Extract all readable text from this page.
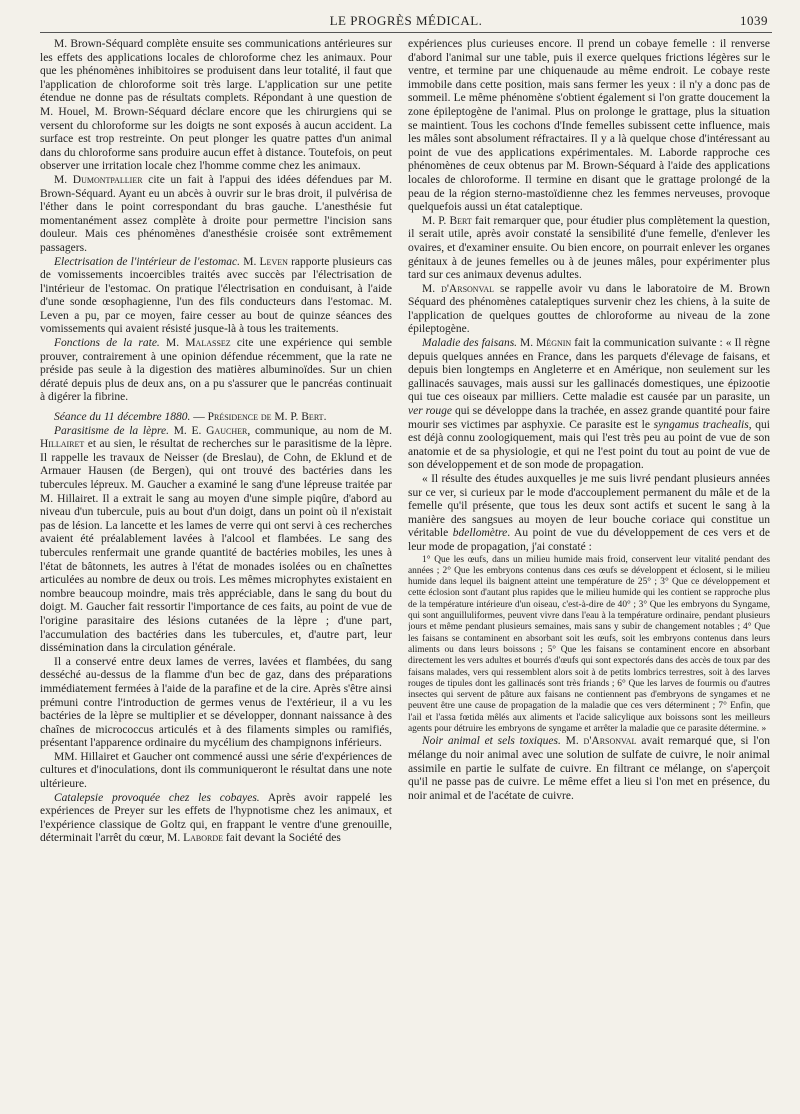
LE PROGRÈS MÉDICAL.	1039

M. Brown-Séquard complète ensuite ses communications antérieures sur les effets des applications locales de chloroforme chez les animaux. Pour que les phénomènes inhibitoires se produisent dans leur totalité, il faut que l'application de chloroforme soit très large. L'application sur une petite étendue ne donne pas de résultats complets. Répondant à une question de M. Houel, M. Brown-Séquard déclare encore que les chirurgiens qui se versent du chloroforme sur les doigts ne sont exposés à aucun accident. La surface est trop restreinte. On peut plonger les quatre pattes d'un animal dans du chloroforme sans produire aucun effet à distance. Toutefois, on peut observer une irritation locale chez l'homme comme chez les animaux.

M. Dumontpallier cite un fait à l'appui des idées défendues par M. Brown-Séquard. Ayant eu un abcès à ouvrir sur le bras droit, il pulvérisa de l'éther dans le point correspondant du bras gauche. L'anesthésie fut momentanément assez complète à droite pour permettre l'incision sans douleur. Mais ces phénomènes d'anesthésie croisée sont extrêmement passagers.

Electrisation de l'intérieur de l'estomac. M. Leven rapporte plusieurs cas de vomissements incoercibles traités avec succès par l'électrisation de l'intérieur de l'estomac. On pratique l'électrisation en conduisant, à l'aide d'une sonde œsophagienne, l'un des fils conducteurs dans l'estomac. M. Leven a pu, par ce moyen, faire cesser au bout de quinze séances des vomissements qui avaient résisté jusque-là à tous les traitements.

Fonctions de la rate. M. Malassez cite une expérience qui semble prouver, contrairement à une opinion défendue récemment, que la rate ne préside pas seule à la digestion des matières albuminoïdes. Sur un chien dératé depuis plus de deux ans, on a pu s'assurer que le pancréas continuait à digérer la fibrine.

Séance du 11 décembre 1880. — Présidence de M. P. Bert.

Parasitisme de la lèpre. M. E. Gaucher, communique, au nom de M. Hillairet et au sien, le résultat de recherches sur le parasitisme de la lèpre. Il rappelle les travaux de Neisser (de Breslau), de Cohn, de Eklund et de Armauer Hausen (de Bergen), qui ont trouvé des bactéries dans les tubercules lépreux. M. Gaucher a examiné le sang d'une lépreuse traitée par M. Hillairet. Il a extrait le sang au moyen d'une simple piqûre, d'abord au niveau d'un tubercule, puis au bout d'un doigt, dans un point où il n'existait pas de lésion. La lancette et les lames de verre qui ont servi à ces recherches avaient été préalablement lavées à l'alcool et flambées. Le sang des tubercules renfermait une grande quantité de bactéries mobiles, les unes à l'état de bâtonnets, les autres à l'état de monades isolées ou en chaînettes articulées au nombre de deux ou trois. Les mêmes microphytes existaient en nombre beaucoup moindre, mais très appréciable, dans le sang du bout du doigt. M. Gaucher fait ressortir l'importance de ces faits, au point de vue de l'origine parasitaire des lésions cutanées de la lèpre ; d'une part, l'accumulation des bactéries dans les tubercules, et, d'autre part, leur dissémination dans la circulation générale.

Il a conservé entre deux lames de verres, lavées et flambées, du sang desséché au-dessus de la flamme d'un bec de gaz, dans des préparations immédiatement fermées à l'aide de la parafine et de la cire. Après s'être ainsi prémuni contre l'introduction de germes venus de l'extérieur, il a vu les bactéries de la lèpre se multiplier et se développer, donnant naissance à des chaînes de micrococcus articulés et à des filaments simples ou ramifiés, présentant l'apparence ordinaire du mycélium des champignons inférieurs.

MM. Hillairet et Gaucher ont commencé aussi une série d'expériences de cultures et d'inoculations, dont ils communiqueront le résultat dans une note ultérieure.

Catalepsie provoquée chez les cobayes. Après avoir rappelé les expériences de Preyer sur les effets de l'hypnotisme chez les animaux, et l'expérience classique de Goltz qui, en frappant le ventre d'une grenouille, déterminait l'arrêt du cœur, M. Laborde fait devant la Société des

expériences plus curieuses encore. Il prend un cobaye femelle : il renverse d'abord l'animal sur une table, puis il exerce quelques frictions légères sur le ventre, et termine par une chiquenaude au même endroit. Le cobaye reste immobile dans cette position, mais sans fermer les yeux : il n'y a donc pas de sommeil. Le même phénomène s'obtient également si l'on gratte doucement la zone épileptogène de l'animal. Plus on prolonge le grattage, plus la situation se maintient. Tous les cochons d'Inde femelles subissent cette influence, mais les mâles sont absolument réfractaires. Il y a là quelque chose d'intéressant au point de vue des applications expérimentales. M. Laborde rapproche ces phénomènes de ceux obtenus par M. Brown-Séquard à l'aide des applications locales de chloroforme. Il termine en disant que le grattage prolongé de la peau de la région sterno-mastoïdienne chez les femmes nerveuses, provoque quelquefois aussi un état cataleptique.

M. P. Bert fait remarquer que, pour étudier plus complètement la question, il serait utile, après avoir constaté la sensibilité d'une femelle, d'enlever les ovaires, et d'examiner ensuite. Ou bien encore, on pourrait enlever les organes génitaux à de jeunes femelles ou à de jeunes mâles, pour expérimenter plus tard sur ces animaux devenus adultes.

M. d'Arsonval se rappelle avoir vu dans le laboratoire de M. Brown Séquard des phénomènes cataleptiques survenir chez les chiens, à la suite de l'application de quelques gouttes de chloroforme au niveau de la zone épileptogène.

Maladie des faisans. M. Mégnin fait la communication suivante : « Il règne depuis quelques années en France, dans les parquets d'élevage de faisans, et depuis bien longtemps en Angleterre et en Amérique, non seulement sur les gallinacés sauvages, mais aussi sur les gallinacés domestiques, une épizootie qui tue ces oiseaux par milliers. Cette maladie est causée par un parasite, un ver rouge qui se développe dans la trachée, en assez grande quantité pour faire mourir ses victimes par asphyxie. Ce parasite est le syngamus trachealis, qui est déjà connu zoologiquement, mais qui l'est très peu au point de vue de son anatomie et de sa physiologie, et qui ne l'est point du tout au point de vue de son développement et de son mode de propagation.

« Il résulte des études auxquelles je me suis livré pendant plusieurs années sur ce ver, si curieux par le mode d'accouplement permanent du mâle et de la femelle qu'il présente, que tous les deux sont actifs et sucent le sang à la manière des sangsues au moyen de leur bouche coriace qui constitue un véritable bdellomètre. Au point de vue du développement de ces vers et de leur mode de propagation, j'ai constaté :

1° Que les œufs, dans un milieu humide mais froid, conservent leur vitalité pendant des années ; 2° Que les embryons contenus dans ces œufs se développent et éclosent, si le milieu humide dans lequel ils baignent atteint une température de 25° ; 3° Que ce développement et cette éclosion sont d'autant plus rapides que le milieu humide qui les contient se rapproche plus de la température intérieure d'un oiseau, c'est-à-dire de 40° ; 3° Que les embryons du Syngame, qui sont anguilluliformes, peuvent vivre dans l'eau à la température ordinaire, pendant plusieurs jours et même pendant plusieurs semaines, mais sans y subir de changement notables ; 4° Que les faisans se contaminent en absorbant soit les œufs, soit les embryons contenus dans leurs aliments ou dans leurs boissons ; 5° Que les faisans se contaminent encore en absorbant directement les vers adultes et bourrés d'œufs qui sont expectorés dans des accès de toux par des faisans malades, vers qui ressemblent alors soit à de petits lombrics terrestres, soit à des larves rouges de tipules dont les gallinacés sont très friands ; 6° Que les larves de fourmis ou d'autres insectes qui servent de pâture aux faisans ne contiennent pas d'embryons de syngames et ne peuvent être une cause de propagation de la maladie que ces vers déterminent ; 7° Enfin, que l'ail et l'assa fœtida mêlés aux aliments et l'acide salicylique aux boissons sont les meilleurs agents pour détruire les embryons de syngame et arrêter la maladie que ce parasite détermine. »

Noir animal et sels toxiques. M. d'Arsonval avait remarqué que, si l'on mélange du noir animal avec une solution de sulfate de cuivre, le noir animal assimile en partie le sulfate de cuivre. En filtrant ce mélange, on s'aperçoit qu'il ne passe pas de cuivre. Le même effet a lieu si l'on met en présence, du noir animal et de l'acétate de cuivre.
